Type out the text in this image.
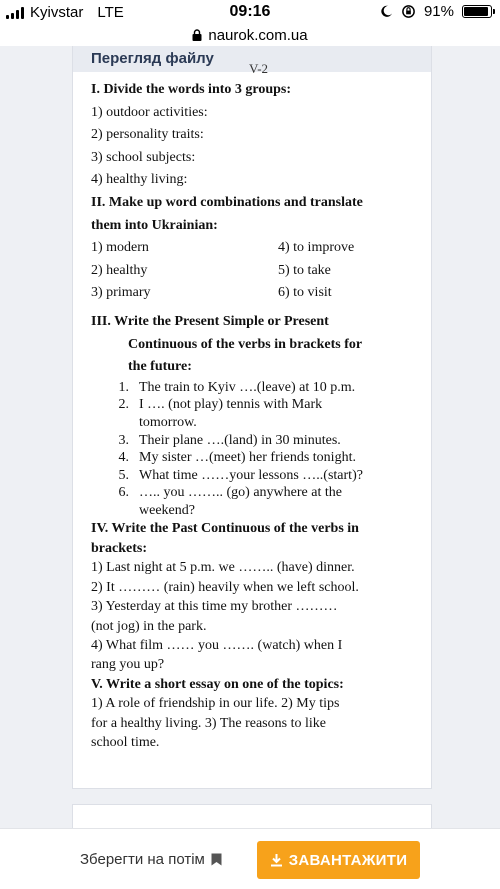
Kyivstar LTE	09:16	91%
naurok.com.ua
Перегляд файлу
V-2
I. Divide the words into 3 groups:
1) outdoor activities:
2) personality traits:
3) school subjects:
4) healthy living:
II. Make up word combinations and translate
them into Ukrainian:
1) modern	4) to improve
2) healthy	5) to take
3) primary	6) to visit
III. Write the Present Simple or Present
Continuous of the verbs in brackets for
the future:
1. The train to Kyiv ….(leave) at 10 p.m.
2. I …. (not play) tennis with Mark tomorrow.
3. Their plane ….(land) in 30 minutes.
4. My sister …(meet) her friends tonight.
5. What time ……your lessons …..(start)?
6. ….. you …….. (go) anywhere at the weekend?
IV. Write the Past Continuous of the verbs in
brackets:
1) Last night at 5 p.m. we …….. (have) dinner.
2) It ……… (rain) heavily when we left school.
3) Yesterday at this time my brother ………
(not jog) in the park.
4) What film …… you ……. (watch) when I
rang you up?
V. Write a short essay on one of the topics:
1) A role of friendship in our life. 2) My tips
for a healthy living. 3) The reasons to like
school time.
Зберегти на потім	ЗАВАНТАЖИТИ
